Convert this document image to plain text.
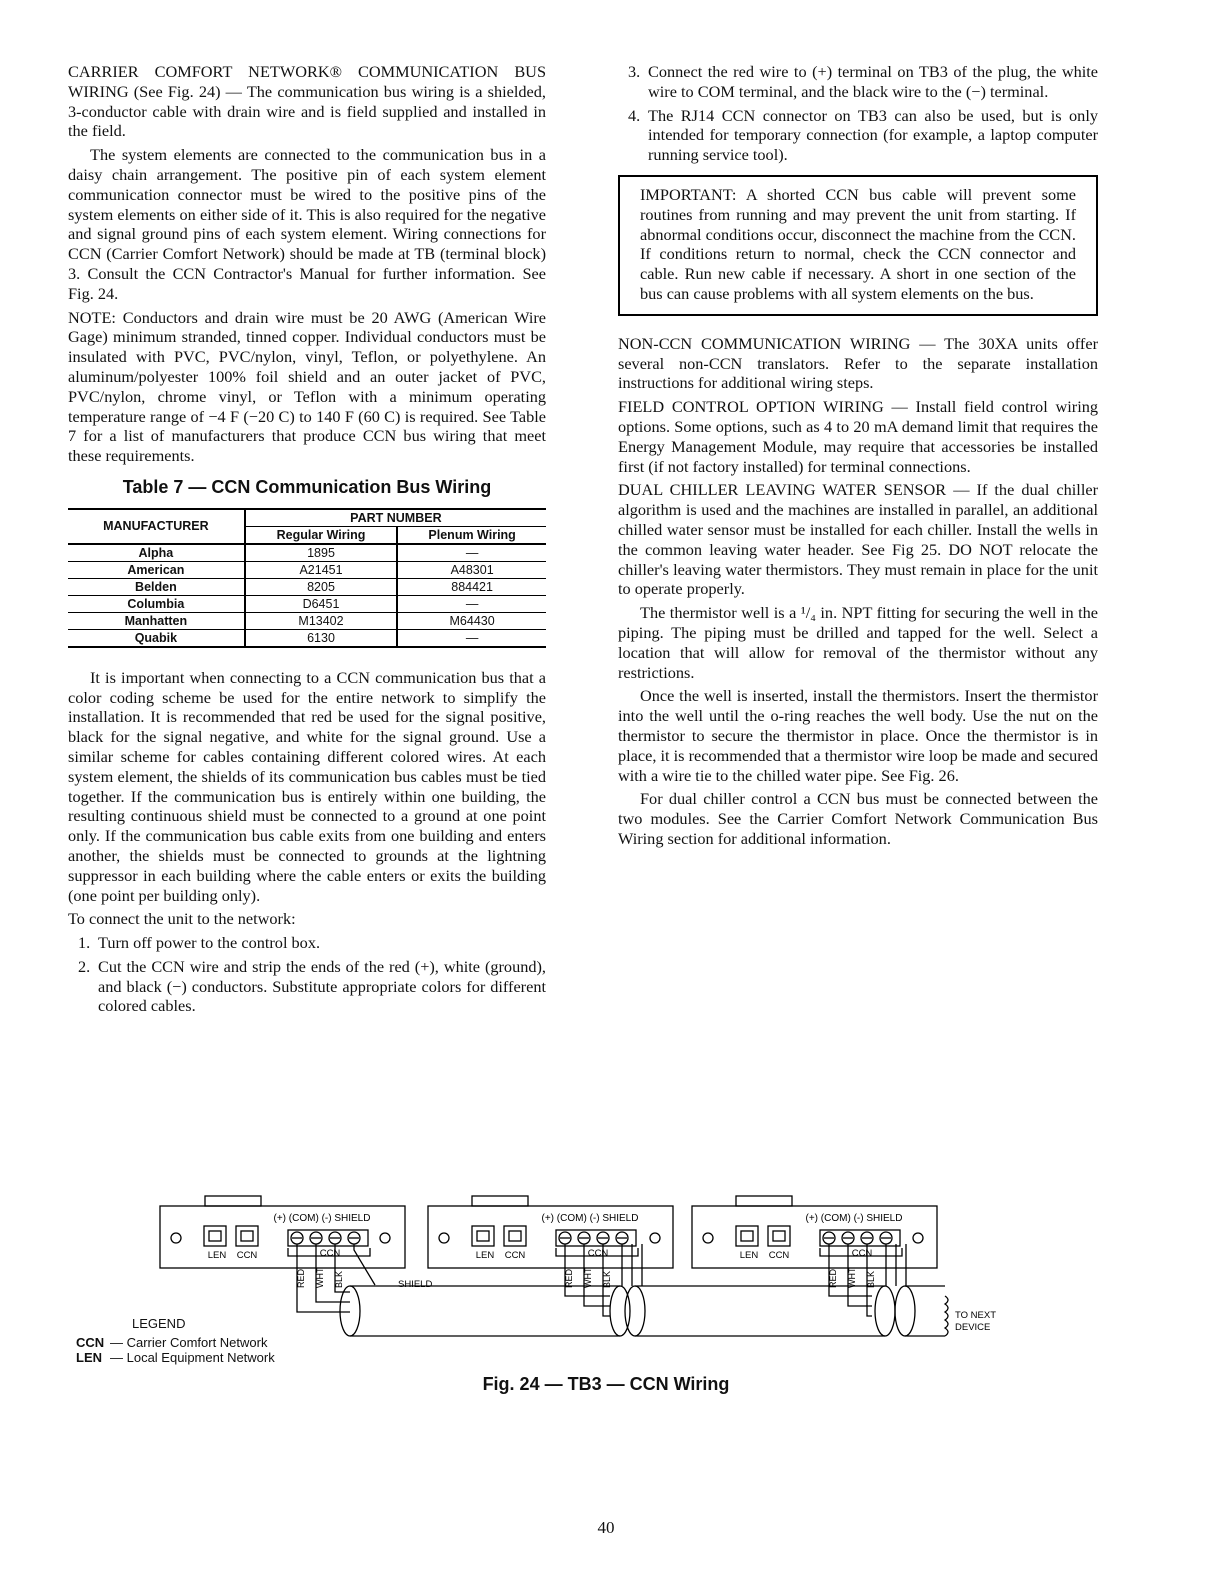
CARRIER COMFORT NETWORK® COMMUNICATION BUS WIRING (See Fig. 24) — The communication bus wiring is a shielded, 3-conductor cable with drain wire and is field supplied and installed in the field.

The system elements are connected to the communication bus in a daisy chain arrangement. The positive pin of each system element communication connector must be wired to the positive pins of the system elements on either side of it. This is also required for the negative and signal ground pins of each system element. Wiring connections for CCN (Carrier Comfort Network) should be made at TB (terminal block) 3. Consult the CCN Contractor's Manual for further information. See Fig. 24.

NOTE: Conductors and drain wire must be 20 AWG (American Wire Gage) minimum stranded, tinned copper. Individual conductors must be insulated with PVC, PVC/nylon, vinyl, Teflon, or polyethylene. An aluminum/polyester 100% foil shield and an outer jacket of PVC, PVC/nylon, chrome vinyl, or Teflon with a minimum operating temperature range of −4 F (−20 C) to 140 F (60 C) is required. See Table 7 for a list of manufacturers that produce CCN bus wiring that meet these requirements.

Table 7 — CCN Communication Bus Wiring
MANUFACTURER	PART NUMBER	
	Regular Wiring	Plenum Wiring
Alpha	1895	—
American	A21451	A48301
Belden	8205	884421
Columbia	D6451	—
Manhatten	M13402	M64430
Quabik	6130	—

It is important when connecting to a CCN communication bus that a color coding scheme be used for the entire network to simplify the installation. It is recommended that red be used for the signal positive, black for the signal negative, and white for the signal ground. Use a similar scheme for cables containing different colored wires. At each system element, the shields of its communication bus cables must be tied together. If the communication bus is entirely within one building, the resulting continuous shield must be connected to a ground at one point only. If the communication bus cable exits from one building and enters another, the shields must be connected to grounds at the lightning suppressor in each building where the cable enters or exits the building (one point per building only).

To connect the unit to the network:

1. Turn off power to the control box.
2. Cut the CCN wire and strip the ends of the red (+), white (ground), and black (−) conductors. Substitute appropriate colors for different colored cables.
3. Connect the red wire to (+) terminal on TB3 of the plug, the white wire to COM terminal, and the black wire to the (−) terminal.
4. The RJ14 CCN connector on TB3 can also be used, but is only intended for temporary connection (for example, a laptop computer running service tool).
IMPORTANT: A shorted CCN bus cable will prevent some routines from running and may prevent the unit from starting. If abnormal conditions occur, disconnect the machine from the CCN. If conditions return to normal, check the CCN connector and cable. Run new cable if necessary. A short in one section of the bus can cause problems with all system elements on the bus.

NON-CCN COMMUNICATION WIRING — The 30XA units offer several non-CCN translators. Refer to the separate installation instructions for additional wiring steps.

FIELD CONTROL OPTION WIRING — Install field control wiring options. Some options, such as 4 to 20 mA demand limit that requires the Energy Management Module, may require that accessories be installed first (if not factory installed) for terminal connections.

DUAL CHILLER LEAVING WATER SENSOR — If the dual chiller algorithm is used and the machines are installed in parallel, an additional chilled water sensor must be installed for each chiller. Install the wells in the common leaving water header. See Fig 25. DO NOT relocate the chiller's leaving water thermistors. They must remain in place for the unit to operate properly.

The thermistor well is a ¹/₄ in. NPT fitting for securing the well in the piping. The piping must be drilled and tapped for the well. Select a location that will allow for removal of the thermistor without any restrictions.

Once the well is inserted, install the thermistors. Insert the thermistor into the well until the o-ring reaches the well body. Use the nut on the thermistor to secure the thermistor in place. Once the thermistor is in place, it is recommended that a thermistor wire loop be made and secured with a wire tie to the chilled water pipe. See Fig. 26.

For dual chiller control a CCN bus must be connected between the two modules. See the Carrier Comfort Network Communication Bus Wiring section for additional information.

(+) (COM) (-) SHIELD	(+) (COM) (-) SHIELD	(+) (COM) (-) SHIELD
LEN CCN	LEN CCN	LEN CCN
CCN	CCN	CCN
RED WHT BLK	RED WHT BLK	RED WHT BLK
SHIELD
TO NEXT
DEVICE
LEGEND
CCN — Carrier Comfort Network
LEN — Local Equipment Network
Fig. 24 — TB3 — CCN Wiring
40
